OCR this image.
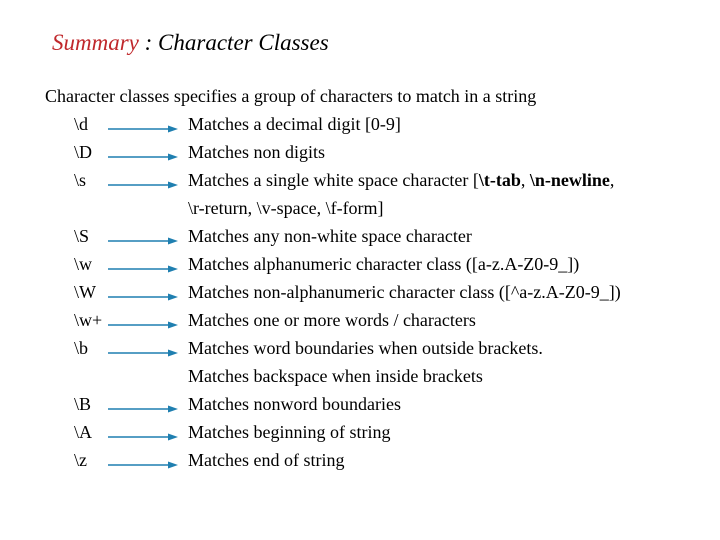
Summary : Character Classes
Character classes specifies a group of characters to match in a string
\d	Matches a decimal digit [0-9]
\D	Matches non digits
\s	Matches a single white space character [\t-tab, \n-newline,
\r-return, \v-space, \f-form]
\S	Matches any non-white space character
\w	Matches alphanumeric character class ([a-z.A-Z0-9_])
\W	Matches non-alphanumeric character class ([^a-z.A-Z0-9_])
\w+	Matches one or more words / characters
\b	Matches word boundaries when outside brackets.
Matches backspace when inside brackets
\B	Matches nonword boundaries
\A	Matches beginning of string
\z	Matches end of string
